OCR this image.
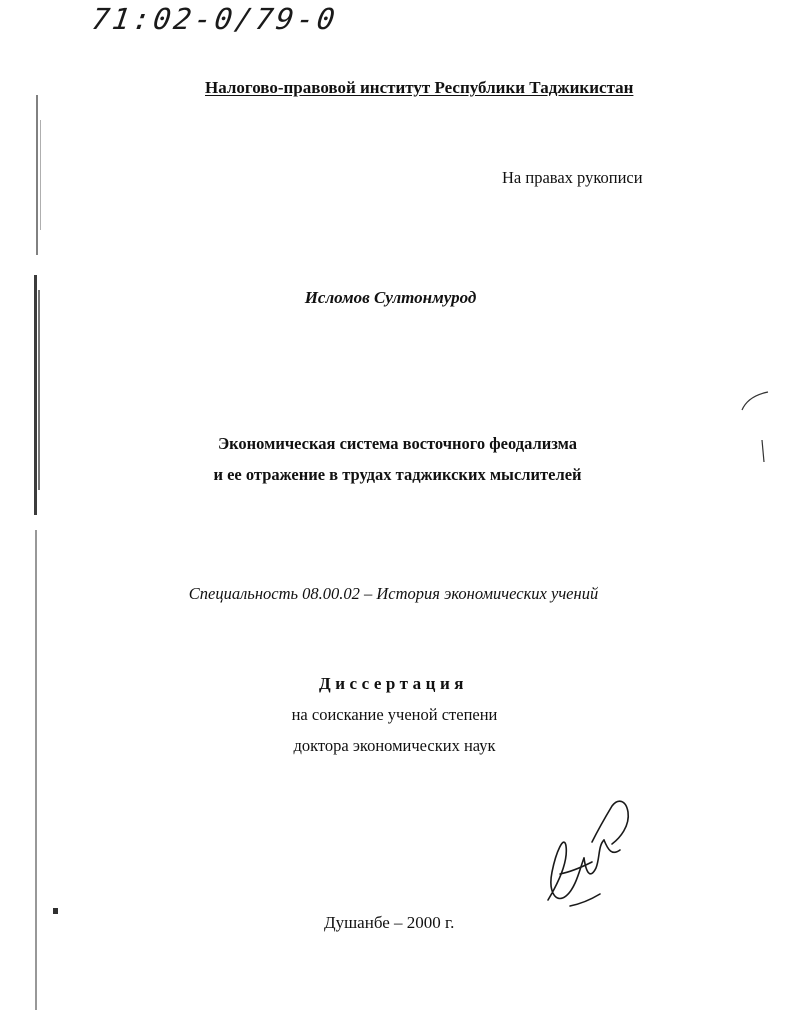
71:02-0/79-0
Налогово-правовой институт Республики Таджикистан
На правах рукописи
Исломов Султонмурод
Экономическая система восточного феодализма
и ее отражение в трудах таджикских мыслителей
Специальность 08.00.02 – История экономических учений
Диссертация
на соискание ученой степени
доктора экономических наук
Душанбе – 2000 г.
